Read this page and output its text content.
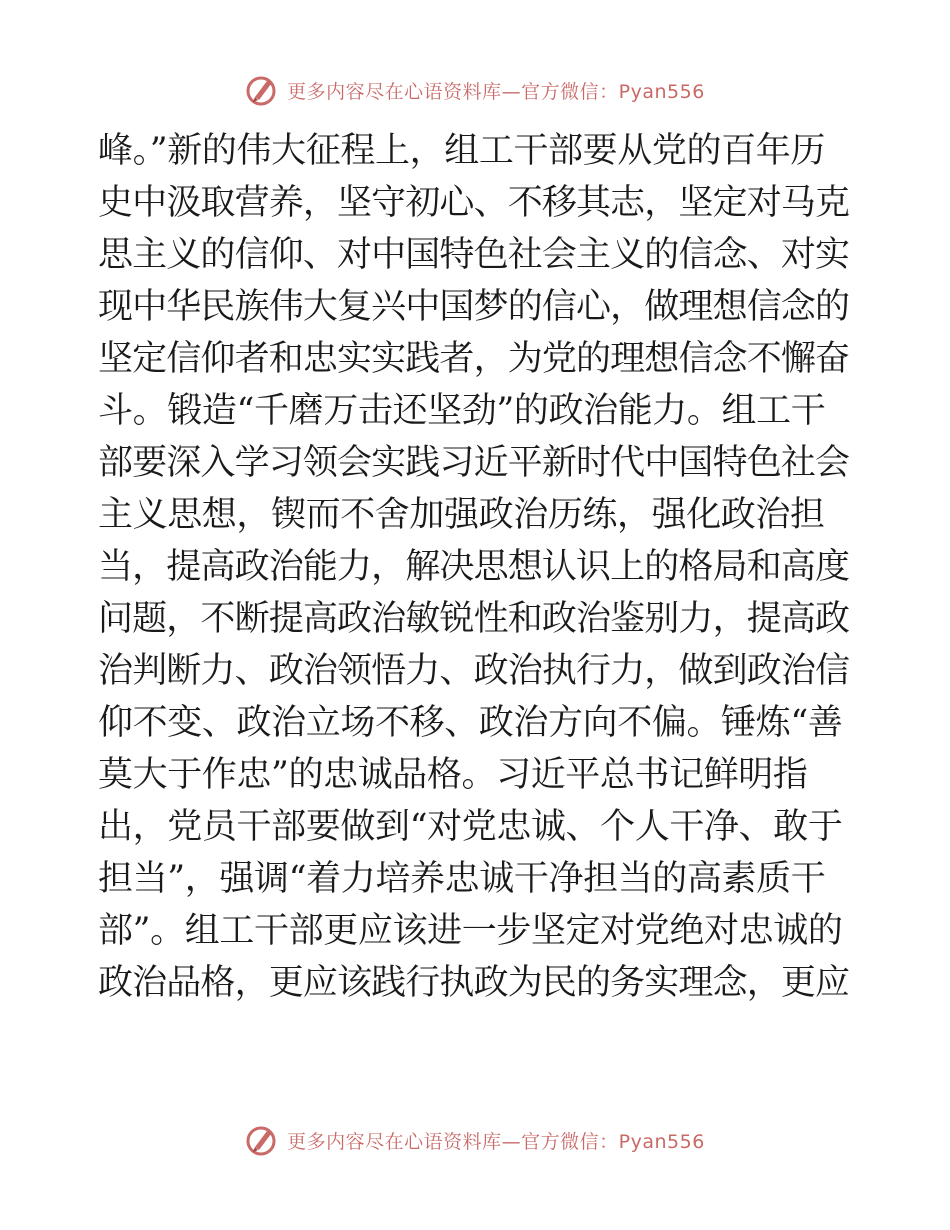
更多内容尽在心语资料库—官方微信：Pyan556
峰。”新的伟大征程上，组工干部要从党的百年历
史中汲取营养，坚守初心、不移其志，坚定对马克
思主义的信仰、对中国特色社会主义的信念、对实
现中华民族伟大复兴中国梦的信心，做理想信念的
坚定信仰者和忠实实践者，为党的理想信念不懈奋
斗。锻造“千磨万击还坚劲”的政治能力。组工干
部要深入学习领会实践习近平新时代中国特色社会
主义思想，锲而不舍加强政治历练，强化政治担
当，提高政治能力，解决思想认识上的格局和高度
问题，不断提高政治敏锐性和政治鉴别力，提高政
治判断力、政治领悟力、政治执行力，做到政治信
仰不变、政治立场不移、政治方向不偏。锤炼“善
莫大于作忠”的忠诚品格。习近平总书记鲜明指
出，党员干部要做到“对党忠诚、个人干净、敢于
担当”，强调“着力培养忠诚干净担当的高素质干
部”。组工干部更应该进一步坚定对党绝对忠诚的
政治品格，更应该践行执政为民的务实理念，更应
更多内容尽在心语资料库—官方微信：Pyan556
